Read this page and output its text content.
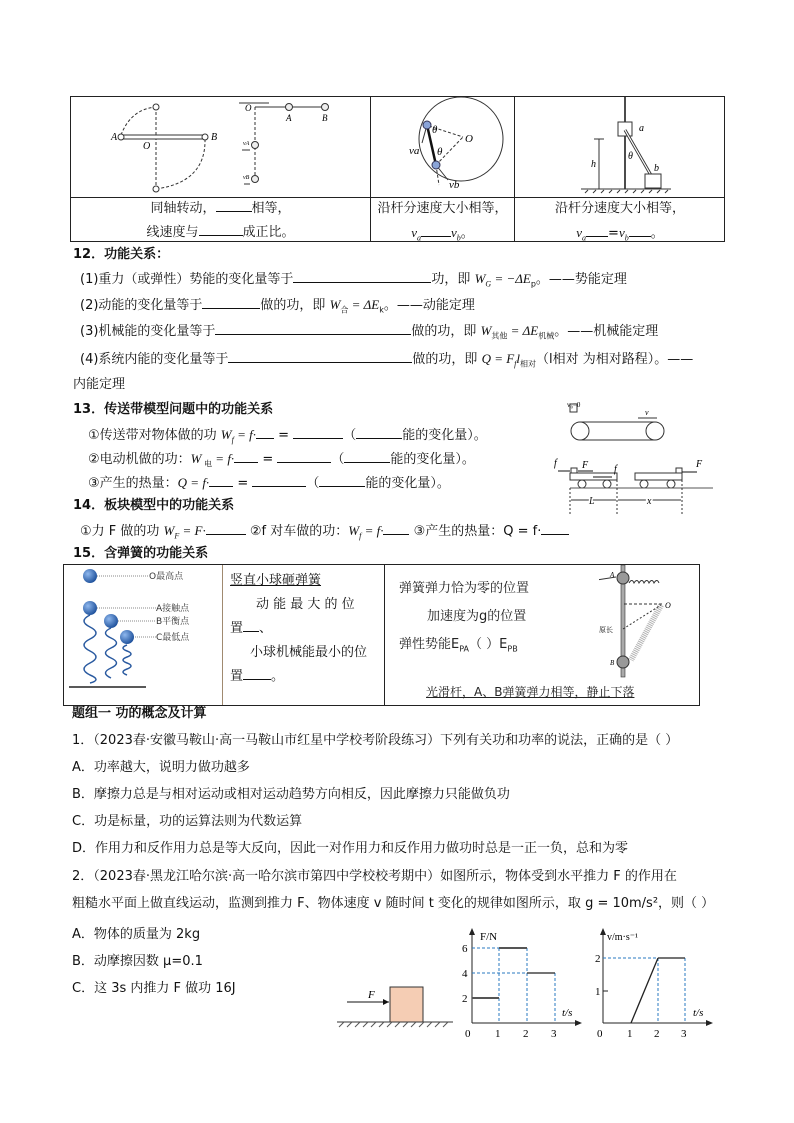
A	B
O
O
A	B
vA
vB
θ
θ
O
va
vb
a
b
h
θ
同轴转动，	相等，
线速度与	成正比。
沿杆分速度大小相等，
$v_a$ $v_b$。
沿杆分速度大小相等，
$v_a =v_b$ 。
12．功能关系：
(1)重力（或弹性）势能的变化量等于	功，即 $W_G = -\Delta E_p$。——势能定理
(2)动能的变化量等于	做的功，即 $W_合 = \Delta E_k$。——动能定理
(3)机械能的变化量等于	做的功，即 $W_{其他} = \Delta E_{机械}$。——机械能定理
(4)系统内能的变化量等于	做的功，即 $Q = F_fl_{相对}(l$相对 为相对路程）。——
内能定理
13．传送带模型问题中的功能关系
①传送带对物体做的功 $W_f = f\cdot$ =	（	能的变化量）。
②电动机做的功：W $_电$ = f· =	（	能的变化量）。
③产生的热量：Q = f· =	（	能的变化量）。
v₀=0
v
f	F	f	F
L	x
14．板块模型中的功能关系
①力 F 做的功 $W_F = F\cdot$	②f 对车做的功：$W_f = f\cdot$ ③产生的热量：Q = f·
15．含弹簧的功能关系
O最高点
A接触点
B平衡点
C最低点
竖直小球砸弹簧
动 能 最 大 的 位
置 、
小球机械能最小的位
置 。
弹簧弹力恰为零的位置
加速度为g的位置
弹性势能$E_{PA}$（ ）$E_{PB}$
光滑杆，A、B弹簧弹力相等，静止下落
O
A
B
原长
题组一 功的概念及计算
1．（2023春·安徽马鞍山·高一马鞍山市红星中学校考阶段练习）下列有关功和功率的说法，正确的是（ ）
A．功率越大，说明力做功越多
B．摩擦力总是与相对运动或相对运动趋势方向相反，因此摩擦力只能做负功
C．功是标量，功的运算法则为代数运算
D．作用力和反作用力总是等大反向，因此一对作用力和反作用力做功时总是一正一负，总和为零
2．（2023春·黑龙江哈尔滨·高一哈尔滨市第四中学校校考期中）如图所示，物体受到水平推力 F 的作用在
粗糙水平面上做直线运动，监测到推力 F、物体速度 v 随时间 t 变化的规律如图所示，取 g = 10m/s²，则（ ）
A．物体的质量为 2kg
B．动摩擦因数 μ=0.1
C．这 3s 内推力 F 做功 16J	F
F/N
6
4
2
0 1 2 3
t/s
v/m·s⁻¹
2
1
0 1 2 3
t/s
